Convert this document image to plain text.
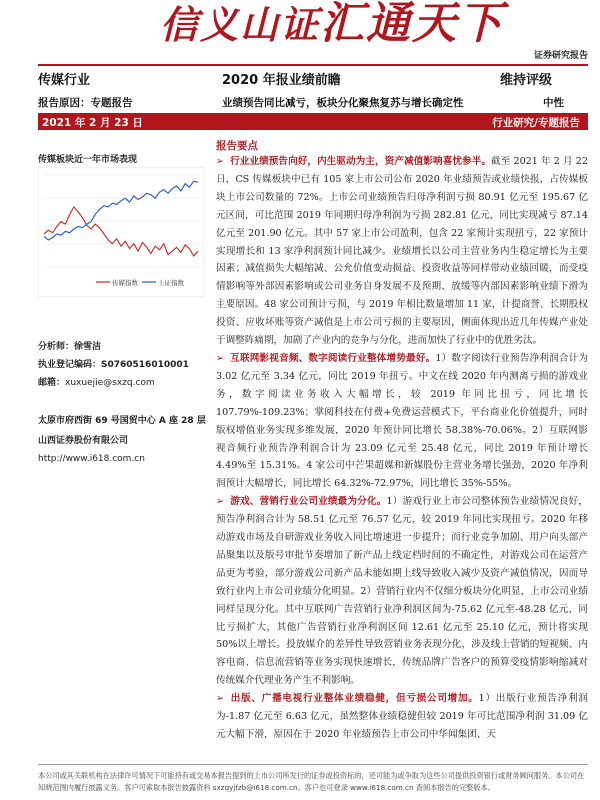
信义山证汇通天下
证券研究报告
传媒行业	2020 年报业绩前瞻	维持评级
报告原因：专题报告	业绩预告同比减亏，板块分化聚焦复苏与增长确定性	中性
2021 年 2 月 23 日	行业研究/专题报告
传媒板块近一年市场表现
传媒指数	上证指数
分析师：徐雪洁
执业登记编码：S0760516010001
邮箱：xuxuejie@sxzq.com
太原市府西街 69 号国贸中心 A 座 28 层
山西证券股份有限公司
http://www.i618.com.cn
报告要点

➢ 行业业绩预告向好，内生驱动为主，资产减值影响喜忧参半。截至 2021 年 2 月 22 日，CS 传媒板块中已有 105 家上市公司公布 2020 年业绩预告或业绩快报，占传媒板块上市公司数量的 72%。上市公司业绩预告归母净利润亏损 80.91 亿元至 195.67 亿元区间，可比范围 2019 年同期归母净利润为亏损 282.81 亿元，同比实现减亏 87.14 亿元至 201.90 亿元。其中 57 家上市公司盈利，包含 22 家预计实现扭亏，22 家预计实现增长和 13 家净利润预计同比减少。业绩增长以公司主营业务内生稳定增长为主要因素；减值损失大幅缩减、公允价值变动损益、投资收益等同样带动业绩回暖，而受疫情影响等外部因素影响或公司业务自身发展不及预期、放缓等内部因素影响业绩下滑为主要原因。48 家公司预计亏损，与 2019 年相比数量增加 11 家，计提商誉、长期股权投资、应收坏账等资产减值是上市公司亏损的主要原因，侧面体现出近几年传媒产业处于调整阵痛期，加剧了产业内的竞争与分化，进而加快了行业中的优胜劣汰。

➢ 互联网影视音频、数字阅读行业整体增势最好。1）数字阅读行业预告净利润合计为 3.02 亿元至 3.34 亿元，同比 2019 年扭亏。中文在线 2020 年内测离亏损的游戏业务，数字阅读业务收入大幅增长，较 2019 年同比扭亏，同比增长 107.79%-109.23%；掌阅科技在付费+免费运营模式下，平台商业化价值提升，同时版权增值业务实现多维发展，2020 年预计同比增长 58.38%-70.06%。2）互联网影视音频行业预告净利润合计为 23.09 亿元至 25.48 亿元，同比 2019 年预计增长 4.49%至 15.31%。4 家公司中芒果超媒和新媒股份主营业务增长强劲，2020 年净利润预计大幅增长，同比增长 64.32%-72.97%，同比增长 35%-55%。

➢ 游戏、营销行业公司业绩最为分化。1）游戏行业上市公司整体预告业绩情况良好，预告净利润合计为 58.51 亿元至 76.57 亿元，较 2019 年同比实现扭亏。2020 年移动游戏市场及自研游戏业务收入同比增速进一步提升；而行业竞争加剧、用户向头部产品聚集以及版号审批节奏增加了新产品上线定档时间的不确定性，对游戏公司在运营产品更为考验，部分游戏公司新产品未能如期上线导致收入减少及资产减值情况，因而导致行业内上市公司业绩分化明显。2）营销行业内不仅细分板块分化明显，上市公司业绩同样呈现分化。其中互联网广告营销行业净利润区间为-75.62 亿元至-48.28 亿元，同比亏损扩大，其他广告营销行业净利润区间 12.61 亿元至 25.10 亿元，预计将实现 50%以上增长。投放媒介的差异性导致营销业务表现分化，涉及线上营销的短视频、内容电商、信息流营销等业务实现快速增长，传统品牌广告客户的预算受疫情影响缩减对传统媒介代理业务产生不利影响。

➢ 出版、广播电视行业整体业绩稳健，但亏损公司增加。1）出版行业预告净利润为-1.87 亿元至 6.63 亿元，虽然整体业绩稳健但较 2019 年可比范围净利润 31.09 亿元大幅下滑，原因在于 2020 年业绩预告上市公司中华闻集团、天

本公司或其关联机构在法律许可情况下可能持有或交易本报告提到的上市公司所发行的证券或投资标的，还可能为或争取为这些公司提供投资银行或财务顾问服务。本公司在知晓范围内履行披露义务。客户可索取本报告披露资料 sxzqyjfzb@i618.com.cn。客户也可登录 www.i618.com.cn 查阅本报告的完整版本。
